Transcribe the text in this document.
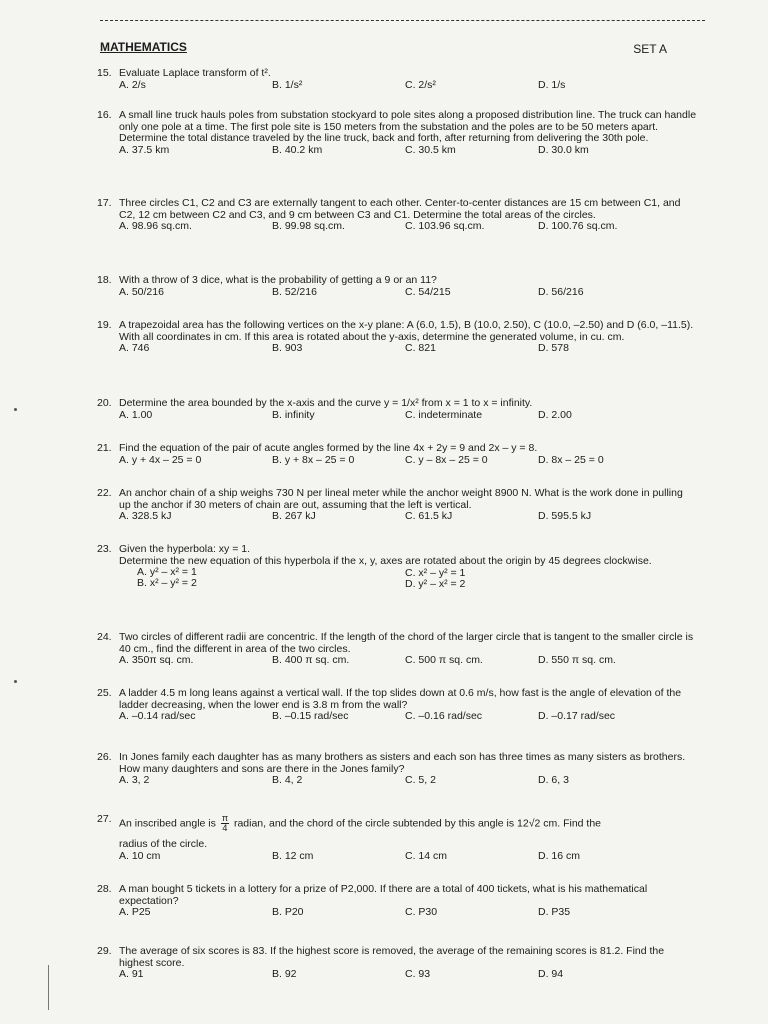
MATHEMATICS	SET A
15. Evaluate Laplace transform of t².
A. 2/s	B. 1/s²	C. 2/s²	D. 1/s
16. A small line truck hauls poles from substation stockyard to pole sites along a proposed distribution line. The truck can handle only one pole at a time. The first pole site is 150 meters from the substation and the poles are to be 50 meters apart. Determine the total distance traveled by the line truck, back and forth, after returning from delivering the 30th pole.
A. 37.5 km	B. 40.2 km	C. 30.5 km	D. 30.0 km
17. Three circles C1, C2 and C3 are externally tangent to each other. Center-to-center distances are 15 cm between C1, and C2, 12 cm between C2 and C3, and 9 cm between C3 and C1. Determine the total areas of the circles.
A. 98.96 sq.cm.	B. 99.98 sq.cm.	C. 103.96 sq.cm.	D. 100.76 sq.cm.
18. With a throw of 3 dice, what is the probability of getting a 9 or an 11?
A. 50/216	B. 52/216	C. 54/215	D. 56/216
19. A trapezoidal area has the following vertices on the x-y plane: A (6.0, 1.5), B (10.0, 2.50), C (10.0, –2.50) and D (6.0, –11.5). With all coordinates in cm. If this area is rotated about the y-axis, determine the generated volume, in cu. cm.
A. 746	B. 903	C. 821	D. 578
20. Determine the area bounded by the x-axis and the curve y = 1/x² from x = 1 to x = infinity.
A. 1.00	B. infinity	C. indeterminate	D. 2.00
21. Find the equation of the pair of acute angles formed by the line 4x + 2y = 9 and 2x – y = 8.
A. y + 4x – 25 = 0	B. y + 8x – 25 = 0	C. y – 8x – 25 = 0	D. 8x – 25 = 0
22. An anchor chain of a ship weighs 730 N per lineal meter while the anchor weight 8900 N. What is the work done in pulling up the anchor if 30 meters of chain are out, assuming that the left is vertical.
A. 328.5 kJ	B. 267 kJ	C. 61.5 kJ	D. 595.5 kJ
23. Given the hyperbola: xy = 1.
Determine the new equation of this hyperbola if the x, y, axes are rotated about the origin by 45 degrees clockwise.
A. y² – x² = 1
B. x² – y² = 2
C. x² – y² = 1
D. y² – x² = 2
24. Two circles of different radii are concentric. If the length of the chord of the larger circle that is tangent to the smaller circle is 40 cm., find the different in area of the two circles.
A. 350π sq. cm.	B. 400 π sq. cm.	C. 500 π sq. cm.	D. 550 π sq. cm.
25. A ladder 4.5 m long leans against a vertical wall. If the top slides down at 0.6 m/s, how fast is the angle of elevation of the ladder decreasing, when the lower end is 3.8 m from the wall?
A. –0.14 rad/sec	B. –0.15 rad/sec	C. –0.16 rad/sec	D. –0.17 rad/sec
26. In Jones family each daughter has as many brothers as sisters and each son has three times as many sisters as brothers. How many daughters and sons are there in the Jones family?
A. 3, 2	B. 4, 2	C. 5, 2	D. 6, 3
27. An inscribed angle is $\frac{\pi}{4}$ radian, and the chord of the circle subtended by this angle is 12√2 cm. Find the
radius of the circle.
A. 10 cm	B. 12 cm	C. 14 cm	D. 16 cm
28. A man bought 5 tickets in a lottery for a prize of P2,000. If there are a total of 400 tickets, what is his mathematical expectation?
A. P25	B. P20	C. P30	D. P35
29. The average of six scores is 83. If the highest score is removed, the average of the remaining scores is 81.2. Find the highest score.
A. 91	B. 92	C. 93	D. 94
